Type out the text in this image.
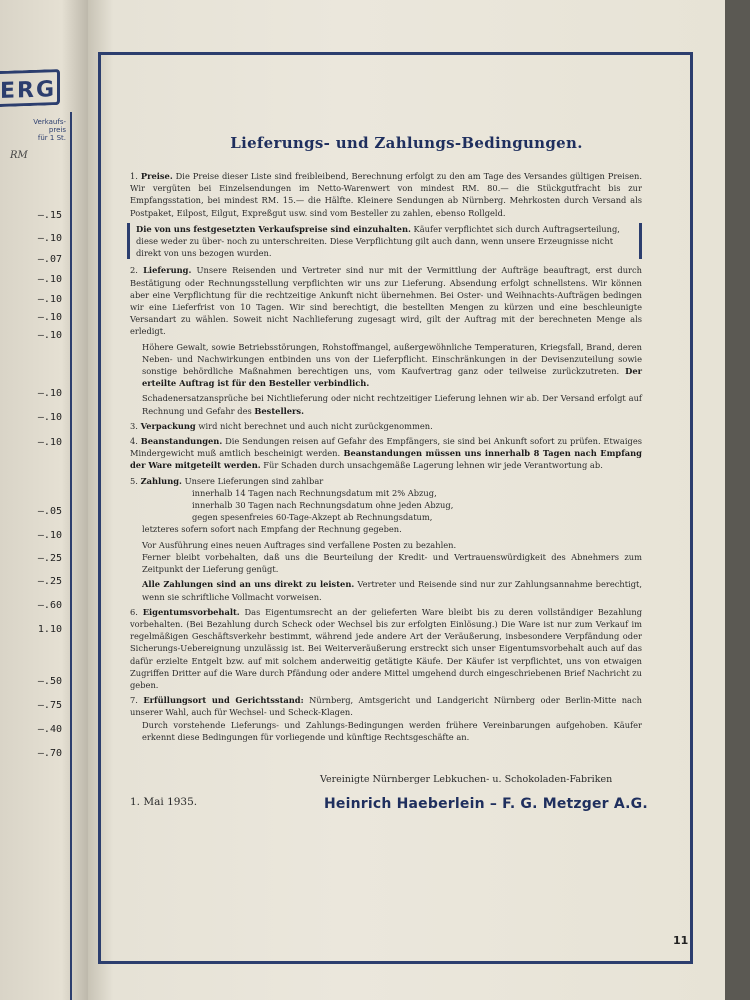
ERG
Verkaufs-
preis
für 1 St.
RM
—.15
—.10
—.07
—.10
—.10
—.10
—.10
—.10
—.10
—.10
—.05
—.10
—.25
—.25
—.60
1.10
—.50
—.75
—.40
—.70
Lieferungs- und Zahlungs-Bedingungen.

1. Preise. Die Preise dieser Liste sind freibleibend, Berechnung erfolgt zu den am Tage des Versandes gültigen Preisen. Wir vergüten bei Einzelsendungen im Netto-Warenwert von mindest RM. 80.— die Stückgutfracht bis zur Empfangsstation, bei mindest RM. 15.— die Hälfte. Kleinere Sendungen ab Nürnberg. Mehrkosten durch Versand als Postpaket, Eilpost, Eilgut, Expreßgut usw. sind vom Besteller zu zahlen, ebenso Rollgeld.

Die von uns festgesetzten Verkaufspreise sind einzuhalten. Käufer verpflichtet sich durch Auftragserteilung, diese weder zu über- noch zu unterschreiten. Diese Verpflichtung gilt auch dann, wenn unsere Erzeugnisse nicht direkt von uns bezogen wurden.

2. Lieferung. Unsere Reisenden und Vertreter sind nur mit der Vermittlung der Aufträge beauftragt, erst durch Bestätigung oder Rechnungsstellung verpflichten wir uns zur Lieferung. Absendung erfolgt schnellstens. Wir können aber eine Verpflichtung für die rechtzeitige Ankunft nicht übernehmen. Bei Oster- und Weihnachts-Aufträgen bedingen wir eine Lieferfrist von 10 Tagen. Wir sind berechtigt, die bestellten Mengen zu kürzen und eine beschleunigte Versandart zu wählen. Soweit nicht Nachlieferung zugesagt wird, gilt der Auftrag mit der berechneten Menge als erledigt.

Höhere Gewalt, sowie Betriebsstörungen, Rohstoffmangel, außergewöhnliche Temperaturen, Kriegsfall, Brand, deren Neben- und Nachwirkungen entbinden uns von der Lieferpflicht. Einschränkungen in der Devisenzuteilung sowie sonstige behördliche Maßnahmen berechtigen uns, vom Kaufvertrag ganz oder teilweise zurückzutreten. Der erteilte Auftrag ist für den Besteller verbindlich.

Schadenersatzansprüche bei Nichtlieferung oder nicht rechtzeitiger Lieferung lehnen wir ab. Der Versand erfolgt auf Rechnung und Gefahr des Bestellers.

3. Verpackung wird nicht berechnet und auch nicht zurückgenommen.

4. Beanstandungen. Die Sendungen reisen auf Gefahr des Empfängers, sie sind bei Ankunft sofort zu prüfen. Etwaiges Mindergewicht muß amtlich bescheinigt werden. Beanstandungen müssen uns innerhalb 8 Tagen nach Empfang der Ware mitgeteilt werden. Für Schaden durch unsachgemäße Lagerung lehnen wir jede Verantwortung ab.

5. Zahlung. Unsere Lieferungen sind zahlbar

innerhalb 14 Tagen nach Rechnungsdatum mit 2% Abzug,

innerhalb 30 Tagen nach Rechnungsdatum ohne jeden Abzug,

gegen spesenfreies 60-Tage-Akzept ab Rechnungsdatum,

letzteres sofern sofort nach Empfang der Rechnung gegeben.

Vor Ausführung eines neuen Auftrages sind verfallene Posten zu bezahlen.

Ferner bleibt vorbehalten, daß uns die Beurteilung der Kredit- und Vertrauenswürdigkeit des Abnehmers zum Zeitpunkt der Lieferung genügt.

Alle Zahlungen sind an uns direkt zu leisten. Vertreter und Reisende sind nur zur Zahlungsannahme berechtigt, wenn sie schriftliche Vollmacht vorweisen.

6. Eigentumsvorbehalt. Das Eigentumsrecht an der gelieferten Ware bleibt bis zu deren vollständiger Bezahlung vorbehalten. (Bei Bezahlung durch Scheck oder Wechsel bis zur erfolgten Einlösung.) Die Ware ist nur zum Verkauf im regelmäßigen Geschäftsverkehr bestimmt, während jede andere Art der Veräußerung, insbesondere Verpfändung oder Sicherungs-Uebereignung unzulässig ist. Bei Weiterveräußerung erstreckt sich unser Eigentumsvorbehalt auch auf das dafür erzielte Entgelt bzw. auf mit solchem anderweitig getätigte Käufe. Der Käufer ist verpflichtet, uns von etwaigen Zugriffen Dritter auf die Ware durch Pfändung oder andere Mittel umgehend durch eingeschriebenen Brief Nachricht zu geben.

7. Erfüllungsort und Gerichtsstand: Nürnberg, Amtsgericht und Landgericht Nürnberg oder Berlin-Mitte nach unserer Wahl, auch für Wechsel- und Scheck-Klagen.

Durch vorstehende Lieferungs- und Zahlungs-Bedingungen werden frühere Vereinbarungen aufgehoben. Käufer erkennt diese Bedingungen für vorliegende und künftige Rechtsgeschäfte an.

Vereinigte Nürnberger Lebkuchen- u. Schokoladen-Fabriken
1. Mai 1935.	Heinrich Haeberlein – F. G. Metzger A.G.
11
